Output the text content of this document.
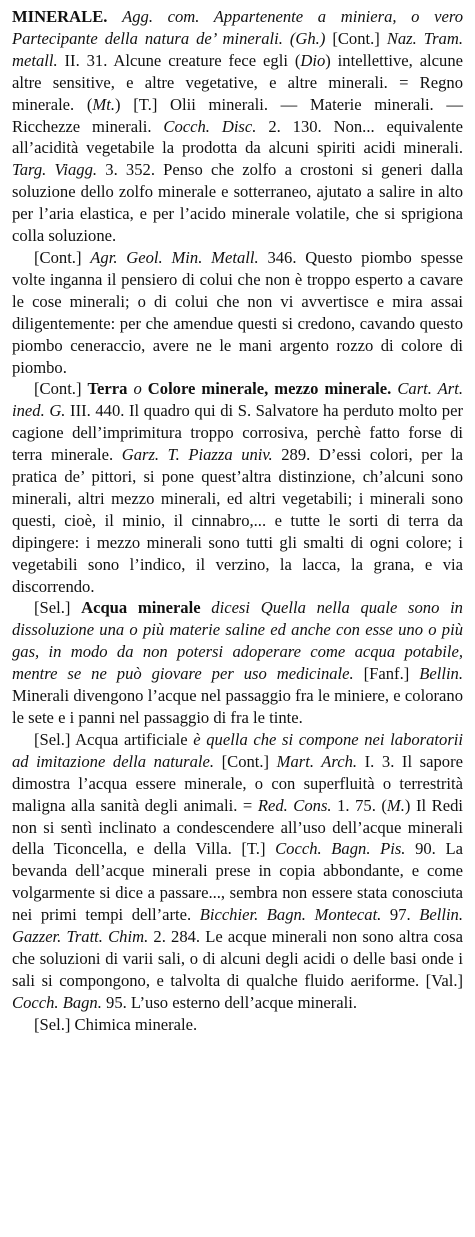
MINERALE. Agg. com. Appartenente a miniera, o vero Partecipante della natura de’ minerali. (Gh.) [Cont.] Naz. Tram. metall. II. 31. Alcune creature fece egli (Dio) intellettive, alcune altre sensitive, e altre vegetative, e altre minerali. = Regno minerale. (Mt.) [T.] Olii minerali. — Materie minerali. — Ricchezze minerali. Cocch. Disc. 2. 130. Non... equivalente all’acidità vegetabile la prodotta da alcuni spiriti acidi minerali. Targ. Viagg. 3. 352. Penso che zolfo a crostoni si generi dalla soluzione dello zolfo minerale e sotterraneo, ajutato a salire in alto per l’aria elastica, e per l’acido minerale volatile, che si sprigiona colla soluzione.

[Cont.] Agr. Geol. Min. Metall. 346. Questo piombo spesse volte inganna il pensiero di colui che non è troppo esperto a cavare le cose minerali; o di colui che non vi avvertisce e mira assai diligentemente: per che amendue questi si credono, cavando questo piombo ceneraccio, avere ne le mani argento rozzo di colore di piombo.

[Cont.] Terra o Colore minerale, mezzo minerale. Cart. Art. ined. G. III. 440. Il quadro qui di S. Salvatore ha perduto molto per cagione dell’imprimitura troppo corrosiva, perchè fatto forse di terra minerale. Garz. T. Piazza univ. 289. D’essi colori, per la pratica de’ pittori, si pone quest’altra distinzione, ch’alcuni sono minerali, altri mezzo minerali, ed altri vegetabili; i minerali sono questi, cioè, il minio, il cinnabro,... e tutte le sorti di terra da dipingere: i mezzo minerali sono tutti gli smalti di ogni colore; i vegetabili sono l’indico, il verzino, la lacca, la grana, e via discorrendo.

[Sel.] Acqua minerale dicesi Quella nella quale sono in dissoluzione una o più materie saline ed anche con esse uno o più gas, in modo da non potersi adoperare come acqua potabile, mentre se ne può giovare per uso medicinale. [Fanf.] Bellin. Minerali divengono l’acque nel passaggio fra le miniere, e colorano le sete e i panni nel passaggio di fra le tinte.

[Sel.] Acqua artificiale è quella che si compone nei laboratorii ad imitazione della naturale. [Cont.] Mart. Arch. I. 3. Il sapore dimostra l’acqua essere minerale, o con superfluità o terrestrità maligna alla sanità degli animali. = Red. Cons. 1. 75. (M.) Il Redi non si sentì inclinato a condescendere all’uso dell’acque minerali della Ticoncella, e della Villa. [T.] Cocch. Bagn. Pis. 90. La bevanda dell’acque minerali prese in copia abbondante, e come volgarmente si dice a passare..., sembra non essere stata conosciuta nei primi tempi dell’arte. Bicchier. Bagn. Montecat. 97. Bellin. Gazzer. Tratt. Chim. 2. 284. Le acque minerali non sono altra cosa che soluzioni di varii sali, o di alcuni degli acidi o delle basi onde i sali si compongono, e talvolta di qualche fluido aeriforme. [Val.] Cocch. Bagn. 95. L’uso esterno dell’acque minerali.

[Sel.] Chimica minerale.
